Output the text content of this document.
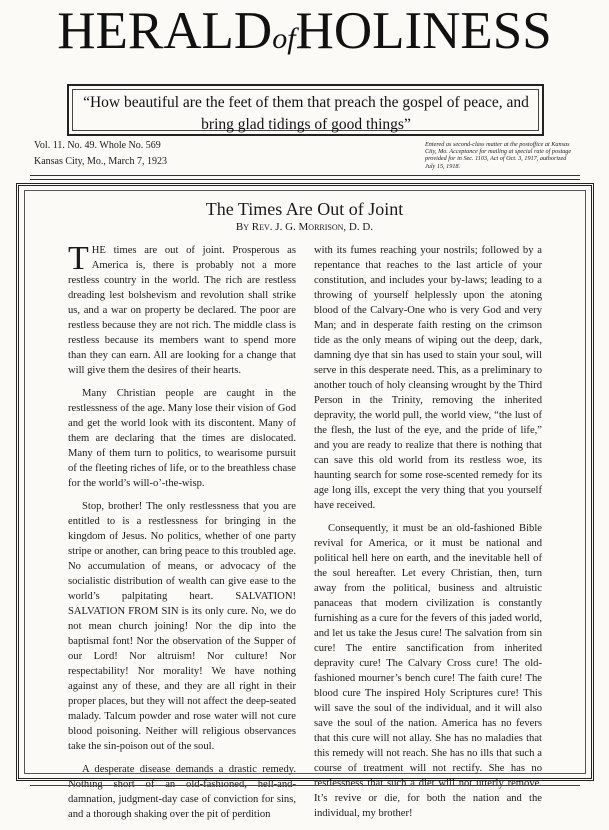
HERALDofHOLINESS
“How beautiful are the feet of them that preach the gospel of peace, and bring glad tidings of good things”
Vol. 11. No. 49. Whole No. 569
Kansas City, Mo., March 7, 1923
Entered as second-class matter at the postoffice at Kansas City, Mo. Acceptance for mailing at special rate of postage provided for in Sec. 1103, Act of Oct. 3, 1917, authorized July 15, 1918.
The Times Are Out of Joint
By Rev. J. G. Morrison, D. D.

THE times are out of joint. Prosperous as America is, there is probably not a more restless country in the world. The rich are restless dreading lest bolshevism and revolution shall strike us, and a war on property be declared. The poor are restless because they are not rich. The middle class is restless because its members want to spend more than they can earn. All are looking for a change that will give them the desires of their hearts.

Many Christian people are caught in the restlessness of the age. Many lose their vision of God and get the world look with its discontent. Many of them are declaring that the times are dislocated. Many of them turn to politics, to wearisome pursuit of the fleeting riches of life, or to the breathless chase for the world’s will-o’-the-wisp.

Stop, brother! The only restlessness that you are entitled to is a restlessness for bringing in the kingdom of Jesus. No politics, whether of one party stripe or another, can bring peace to this troubled age. No accumulation of means, or advocacy of the socialistic distribution of wealth can give ease to the world’s palpitating heart. SALVATION! SALVATION FROM SIN is its only cure. No, we do not mean church joining! Nor the dip into the baptismal font! Nor the observation of the Supper of our Lord! Nor altruism! Nor culture! Nor respectability! Nor morality! We have nothing against any of these, and they are all right in their proper places, but they will not affect the deep-seated malady. Talcum powder and rose water will not cure blood poisoning. Neither will religious observances take the sin-poison out of the soul.

A desperate disease demands a drastic remedy. Nothing short of an old-fashioned, hell-and-damnation, judgment-day case of conviction for sins, and a thorough shaking over the pit of perdition

with its fumes reaching your nostrils; followed by a repentance that reaches to the last article of your constitution, and includes your by-laws; leading to a throwing of yourself helplessly upon the atoning blood of the Calvary-One who is very God and very Man; and in desperate faith resting on the crimson tide as the only means of wiping out the deep, dark, damning dye that sin has used to stain your soul, will serve in this desperate need. This, as a preliminary to another touch of holy cleansing wrought by the Third Person in the Trinity, removing the inherited depravity, the world pull, the world view, “the lust of the flesh, the lust of the eye, and the pride of life,” and you are ready to realize that there is nothing that can save this old world from its restless woe, its haunting search for some rose-scented remedy for its age long ills, except the very thing that you yourself have received.

Consequently, it must be an old-fashioned Bible revival for America, or it must be national and political hell here on earth, and the inevitable hell of the soul hereafter. Let every Christian, then, turn away from the political, business and altruistic panaceas that modern civilization is constantly furnishing as a cure for the fevers of this jaded world, and let us take the Jesus cure! The salvation from sin cure! The entire sanctification from inherited depravity cure! The Calvary Cross cure! The old-fashioned mourner’s bench cure! The faith cure! The blood cure The inspired Holy Scriptures cure! This will save the soul of the individual, and it will also save the soul of the nation. America has no fevers that this cure will not allay. She has no maladies that this remedy will not reach. She has no ills that such a course of treatment will not rectify. She has no restlessness that such a diet will not utterly remove. It’s revive or die, for both the nation and the individual, my brother!
